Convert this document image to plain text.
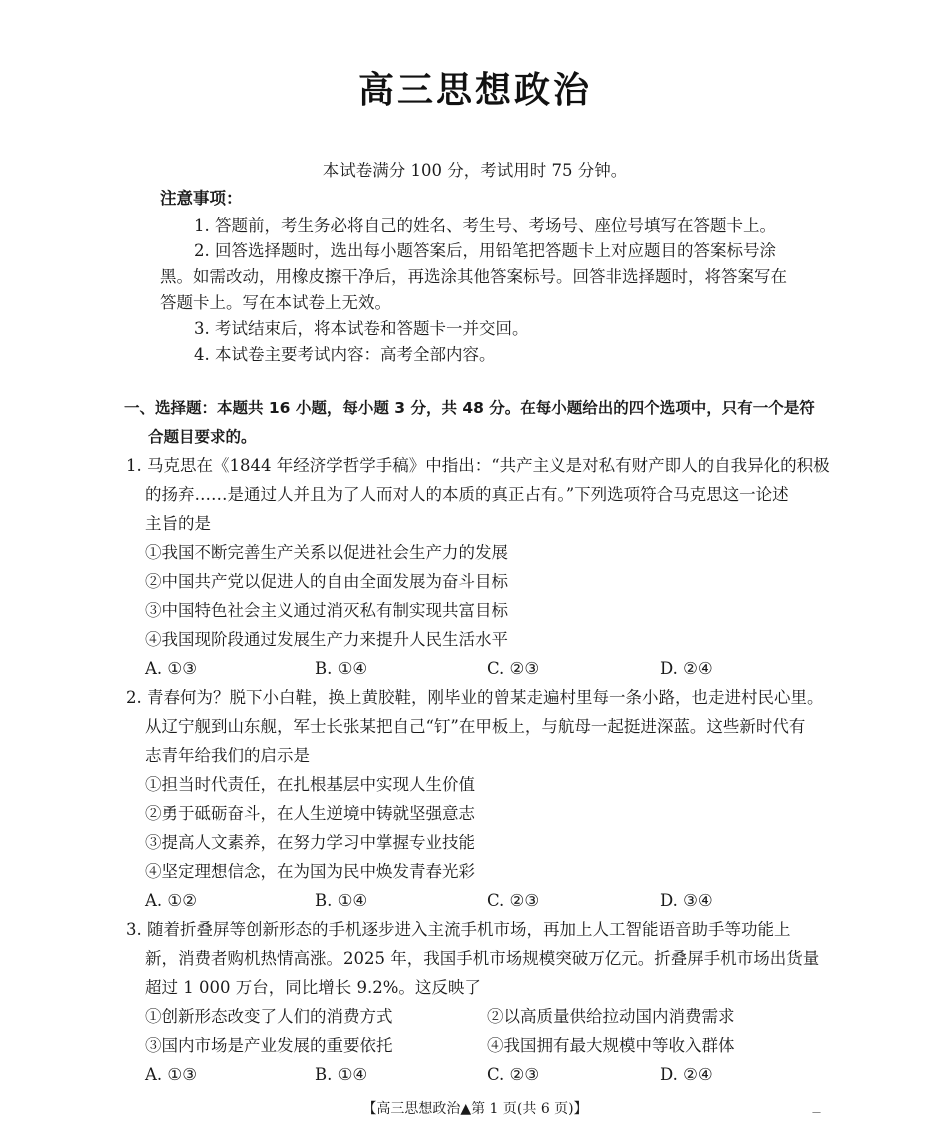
高三思想政治
本试卷满分 100 分，考试用时 75 分钟。
注意事项：
1. 答题前，考生务必将自己的姓名、考生号、考场号、座位号填写在答题卡上。
2. 回答选择题时，选出每小题答案后，用铅笔把答题卡上对应题目的答案标号涂
黑。如需改动，用橡皮擦干净后，再选涂其他答案标号。回答非选择题时，将答案写在
答题卡上。写在本试卷上无效。
3. 考试结束后，将本试卷和答题卡一并交回。
4. 本试卷主要考试内容：高考全部内容。
一、选择题：本题共 16 小题，每小题 3 分，共 48 分。在每小题给出的四个选项中，只有一个是符
合题目要求的。
1. 马克思在《1844 年经济学哲学手稿》中指出：“共产主义是对私有财产即人的自我异化的积极
的扬弃……是通过人并且为了人而对人的本质的真正占有。”下列选项符合马克思这一论述
主旨的是
①我国不断完善生产关系以促进社会生产力的发展
②中国共产党以促进人的自由全面发展为奋斗目标
③中国特色社会主义通过消灭私有制实现共富目标
④我国现阶段通过发展生产力来提升人民生活水平
A. ①③	B. ①④	C. ②③	D. ②④
2. 青春何为？脱下小白鞋，换上黄胶鞋，刚毕业的曾某走遍村里每一条小路，也走进村民心里。
从辽宁舰到山东舰，军士长张某把自己“钉”在甲板上，与航母一起挺进深蓝。这些新时代有
志青年给我们的启示是
①担当时代责任，在扎根基层中实现人生价值
②勇于砥砺奋斗，在人生逆境中铸就坚强意志
③提高人文素养，在努力学习中掌握专业技能
④坚定理想信念，在为国为民中焕发青春光彩
A. ①②	B. ①④	C. ②③	D. ③④
3. 随着折叠屏等创新形态的手机逐步进入主流手机市场，再加上人工智能语音助手等功能上
新，消费者购机热情高涨。2025 年，我国手机市场规模突破万亿元。折叠屏手机市场出货量
超过 1 000 万台，同比增长 9.2%。这反映了
①创新形态改变了人们的消费方式	②以高质量供给拉动国内消费需求
③国内市场是产业发展的重要依托	④我国拥有最大规模中等收入群体
A. ①③	B. ①④	C. ②③	D. ②④
【高三思想政治▲第 1 页(共 6 页)】	—
